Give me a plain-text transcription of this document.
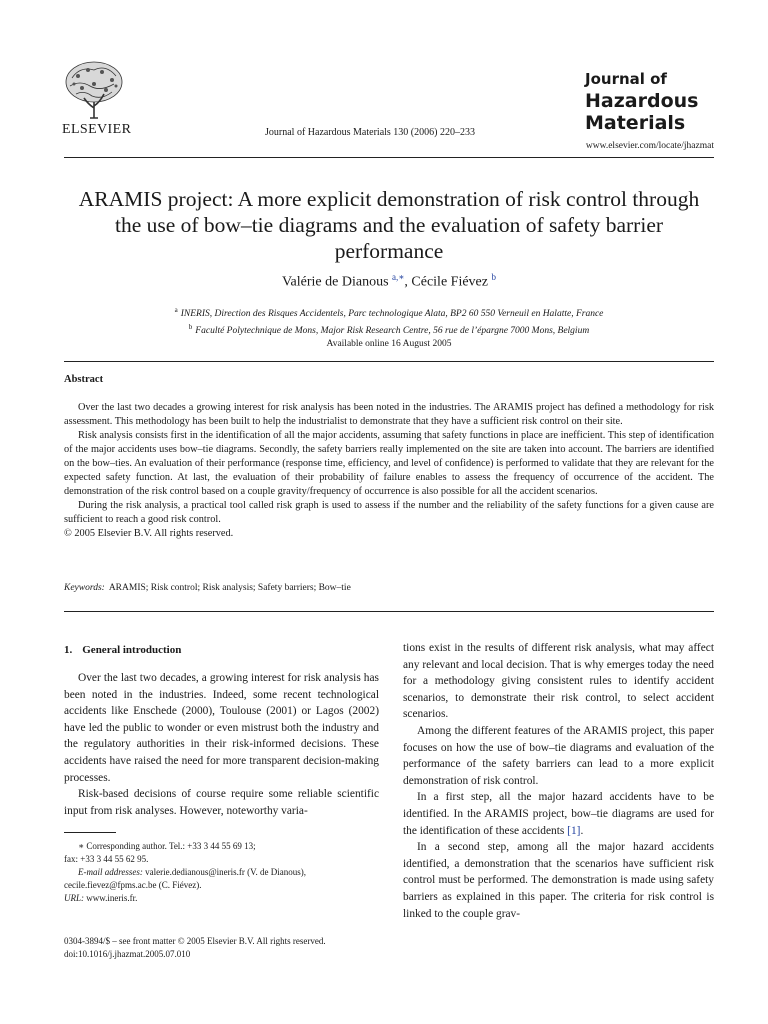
ELSEVIER	Journal of Hazardous Materials 130 (2006) 220–233
Journal of
Hazardous
Materials
www.elsevier.com/locate/jhazmat
ARAMIS project: A more explicit demonstration of risk control through the use of bow–tie diagrams and the evaluation of safety barrier performance
Valérie de Dianous $^{a,∗}$, Cécile Fiévez $^b$
$^a$ INERIS, Direction des Risques Accidentels, Parc technologique Alata, BP2 60 550 Verneuil en Halatte, France
$^b$ Faculté Polytechnique de Mons, Major Risk Research Centre, 56 rue de l’épargne 7000 Mons, Belgium
Available online 16 August 2005
Abstract

Over the last two decades a growing interest for risk analysis has been noted in the industries. The ARAMIS project has defined a methodology for risk assessment. This methodology has been built to help the industrialist to demonstrate that they have a sufficient risk control on their site.

Risk analysis consists first in the identification of all the major accidents, assuming that safety functions in place are inefficient. This step of identification of the major accidents uses bow–tie diagrams. Secondly, the safety barriers really implemented on the site are taken into account. The barriers are identified on the bow–ties. An evaluation of their performance (response time, efficiency, and level of confidence) is performed to validate that they are relevant for the expected safety function. At last, the evaluation of their probability of failure enables to assess the frequency of occurrence of the accident. The demonstration of the risk control based on a couple gravity/frequency of occurrence is also possible for all the accident scenarios.

During the risk analysis, a practical tool called risk graph is used to assess if the number and the reliability of the safety functions for a given cause are sufficient to reach a good risk control.

© 2005 Elsevier B.V. All rights reserved.

Keywords: ARAMIS; Risk control; Risk analysis; Safety barriers; Bow–tie
1. General introduction

Over the last two decades, a growing interest for risk analysis has been noted in the industries. Indeed, some recent technological accidents like Enschede (2000), Toulouse (2001) or Lagos (2002) have led the public to wonder or even mistrust both the industry and the regulatory authorities in their risk-informed decisions. These accidents have raised the need for more transparent decision-making processes.

Risk-based decisions of course require some reliable scientific input from risk analyses. However, noteworthy varia-

tions exist in the results of different risk analysis, what may affect any relevant and local decision. That is why emerges today the need for a methodology giving consistent rules to identify accident scenarios, to demonstrate their risk control, to select accident scenarios.

Among the different features of the ARAMIS project, this paper focuses on how the use of bow–tie diagrams and evaluation of the performance of the safety barriers can lead to a more explicit demonstration of risk control.

In a first step, all the major hazard accidents have to be identified. In the ARAMIS project, bow–tie diagrams are used for the identification of these accidents [1].

In a second step, among all the major hazard accidents identified, a demonstration that the scenarios have sufficient risk control must be performed. The demonstration is made using safety barriers as explained in this paper. The criteria for risk control is linked to the couple grav-

∗ Corresponding author. Tel.: +33 3 44 55 69 13;
fax: +33 3 44 55 62 95.
E-mail addresses: valerie.dedianous@ineris.fr (V. de Dianous),
cecile.fievez@fpms.ac.be (C. Fiévez).
URL: www.ineris.fr.
0304-3894/$ – see front matter © 2005 Elsevier B.V. All rights reserved.
doi:10.1016/j.jhazmat.2005.07.010
